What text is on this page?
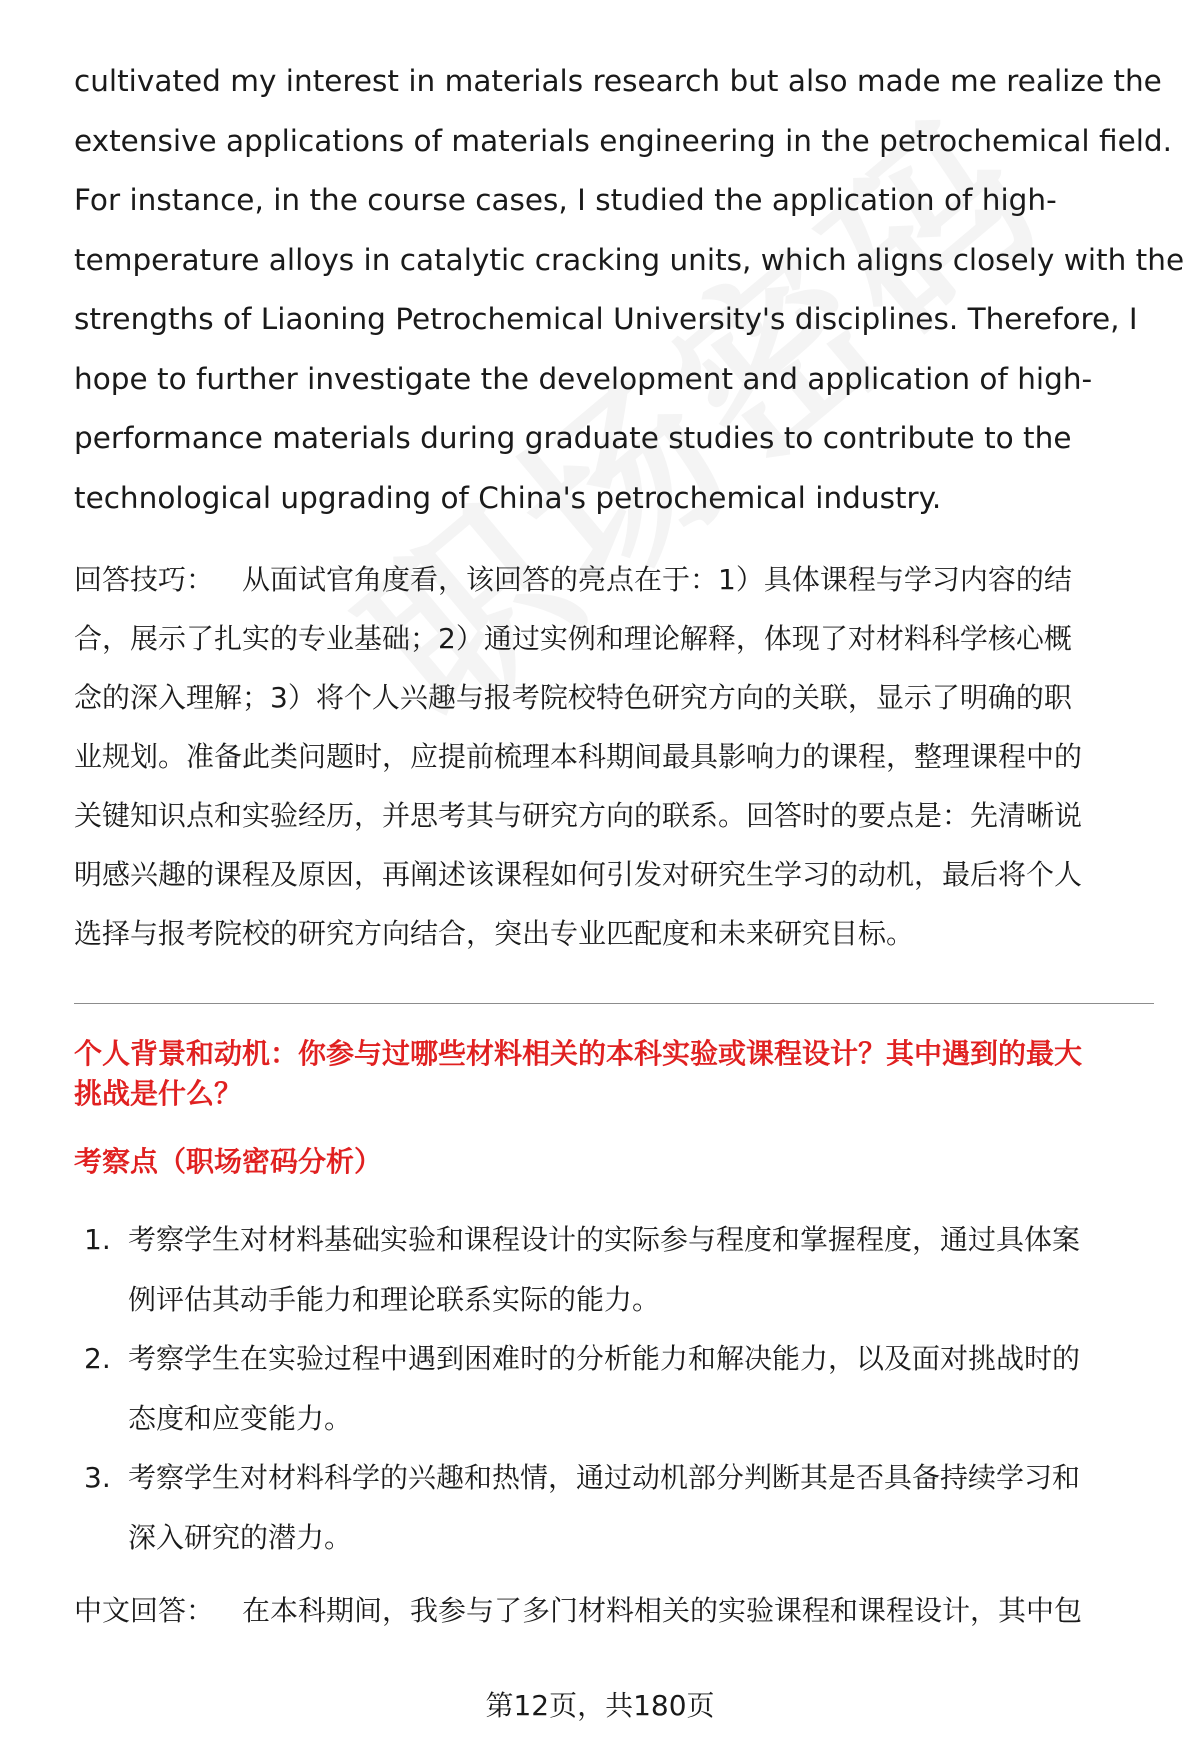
cultivated my interest in materials research but also made me realize the
extensive applications of materials engineering in the petrochemical field.
For instance, in the course cases, I studied the application of high-
temperature alloys in catalytic cracking units, which aligns closely with the
strengths of Liaoning Petrochemical University's disciplines. Therefore, I
hope to further investigate the development and application of high-
performance materials during graduate studies to contribute to the
technological upgrading of China's petrochemical industry.

回答技巧： 从面试官角度看，该回答的亮点在于：1）具体课程与学习内容的结
合，展示了扎实的专业基础；2）通过实例和理论解释，体现了对材料科学核心概
念的深入理解；3）将个人兴趣与报考院校特色研究方向的关联，显示了明确的职
业规划。准备此类问题时，应提前梳理本科期间最具影响力的课程，整理课程中的
关键知识点和实验经历，并思考其与研究方向的联系。回答时的要点是：先清晰说
明感兴趣的课程及原因，再阐述该课程如何引发对研究生学习的动机，最后将个人
选择与报考院校的研究方向结合，突出专业匹配度和未来研究目标。
个人背景和动机：你参与过哪些材料相关的本科实验或课程设计？其中遇到的最大
挑战是什么？
考察点（职场密码分析）
1. 考察学生对材料基础实验和课程设计的实际参与程度和掌握程度，通过具体案
例评估其动手能力和理论联系实际的能力。
2. 考察学生在实验过程中遇到困难时的分析能力和解决能力，以及面对挑战时的
态度和应变能力。
3. 考察学生对材料科学的兴趣和热情，通过动机部分判断其是否具备持续学习和
深入研究的潜力。
中文回答： 在本科期间，我参与了多门材料相关的实验课程和课程设计，其中包
第12页，共180页
